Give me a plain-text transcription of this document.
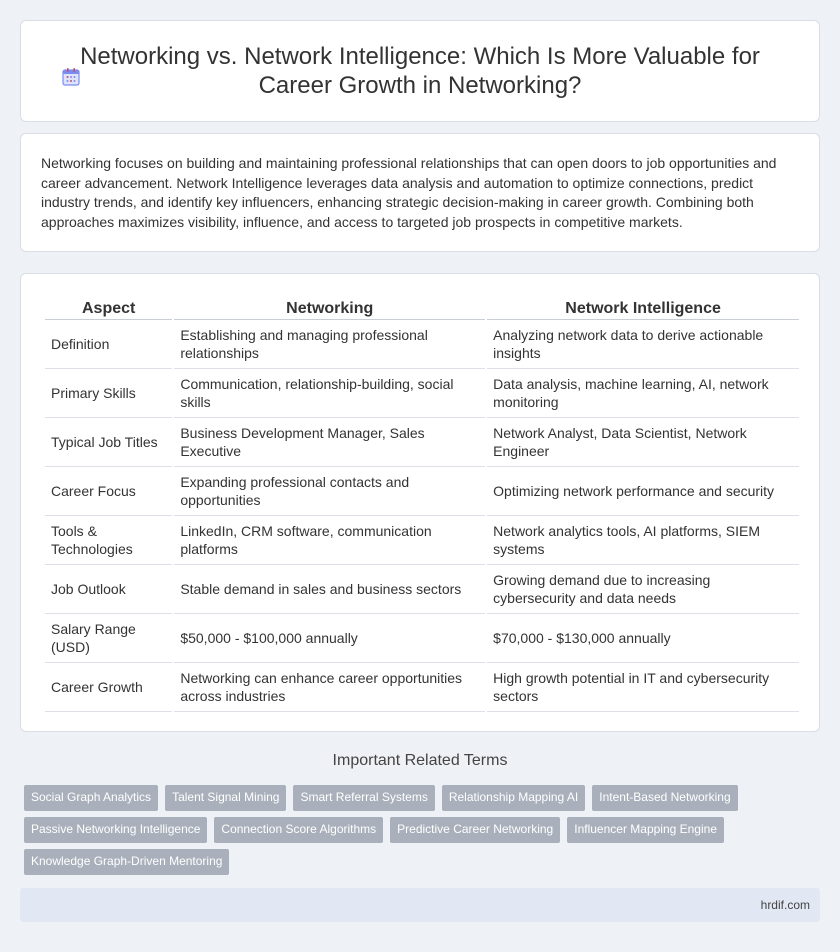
Networking vs. Network Intelligence: Which Is More Valuable for Career Growth in Networking?

Networking focuses on building and maintaining professional relationships that can open doors to job opportunities and career advancement. Network Intelligence leverages data analysis and automation to optimize connections, predict industry trends, and identify key influencers, enhancing strategic decision-making in career growth. Combining both approaches maximizes visibility, influence, and access to targeted job prospects in competitive markets.

Aspect	Networking	Network Intelligence
Definition	Establishing and managing professional relationships	Analyzing network data to derive actionable insights
Primary Skills	Communication, relationship-building, social skills	Data analysis, machine learning, AI, network monitoring
Typical Job Titles	Business Development Manager, Sales Executive	Network Analyst, Data Scientist, Network Engineer
Career Focus	Expanding professional contacts and opportunities	Optimizing network performance and security
Tools & Technologies	LinkedIn, CRM software, communication platforms	Network analytics tools, AI platforms, SIEM systems
Job Outlook	Stable demand in sales and business sectors	Growing demand due to increasing cybersecurity and data needs
Salary Range (USD)	$50,000 - $100,000 annually	$70,000 - $130,000 annually
Career Growth	Networking can enhance career opportunities across industries	High growth potential in IT and cybersecurity sectors
Important Related Terms
Social Graph Analytics	Talent Signal Mining	Smart Referral Systems	Relationship Mapping AI	Intent-Based Networking
Passive Networking Intelligence	Connection Score Algorithms	Predictive Career Networking	Influencer Mapping Engine
Knowledge Graph-Driven Mentoring
hrdif.com
